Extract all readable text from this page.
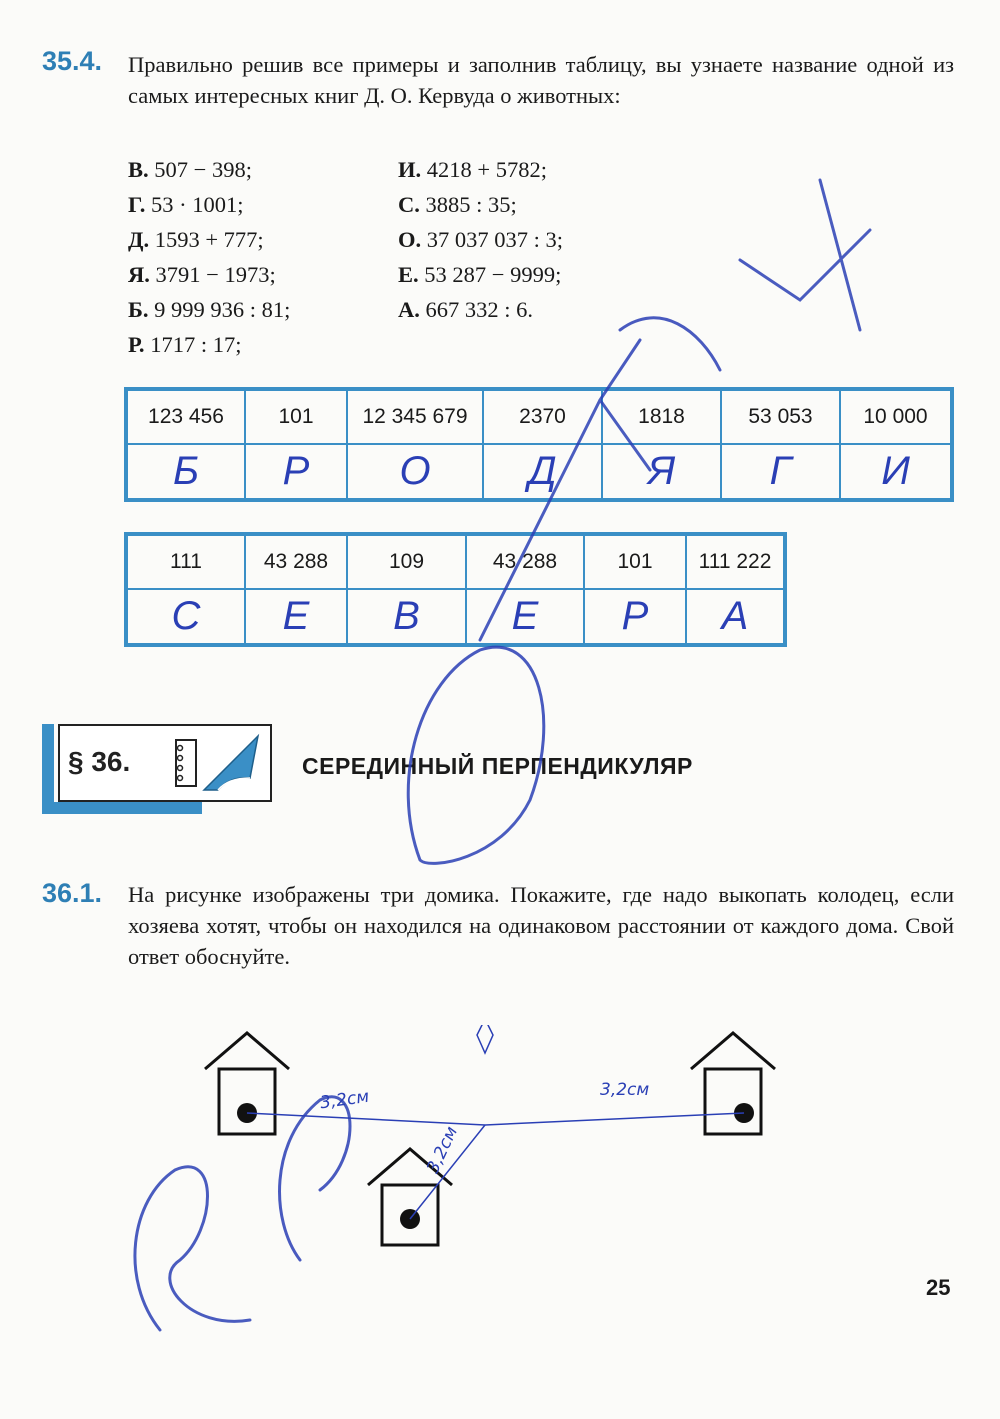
35.4. Правильно решив все примеры и заполнив таблицу, вы узнаете название одной из самых интересных книг Д. О. Кервуда о животных:
В. 507 − 398;
Г. 53 · 1001;
Д. 1593 + 777;
Я. 3791 − 1973;
Б. 9 999 936 : 81;
Р. 1717 : 17;
И. 4218 + 5782;
С. 3885 : 35;
О. 37 037 037 : 3;
Е. 53 287 − 9999;
А. 667 332 : 6.
123 456	101	12 345 679	2370	1818	53 053	10 000
Б	Р	О	Д	Я	Г	И
111	43 288	109	43 288	101	111 222
С	Е	В	Е	Р	А
§ 36.	СЕРЕДИННЫЙ ПЕРПЕНДИКУЛЯР
36.1. На рисунке изображены три домика. Покажите, где надо выкопать колодец, если хозяева хотят, чтобы он находился на одинаковом расстоянии от каждого дома. Свой ответ обоснуйте.
3,2см	3,2см
3,2см
25
